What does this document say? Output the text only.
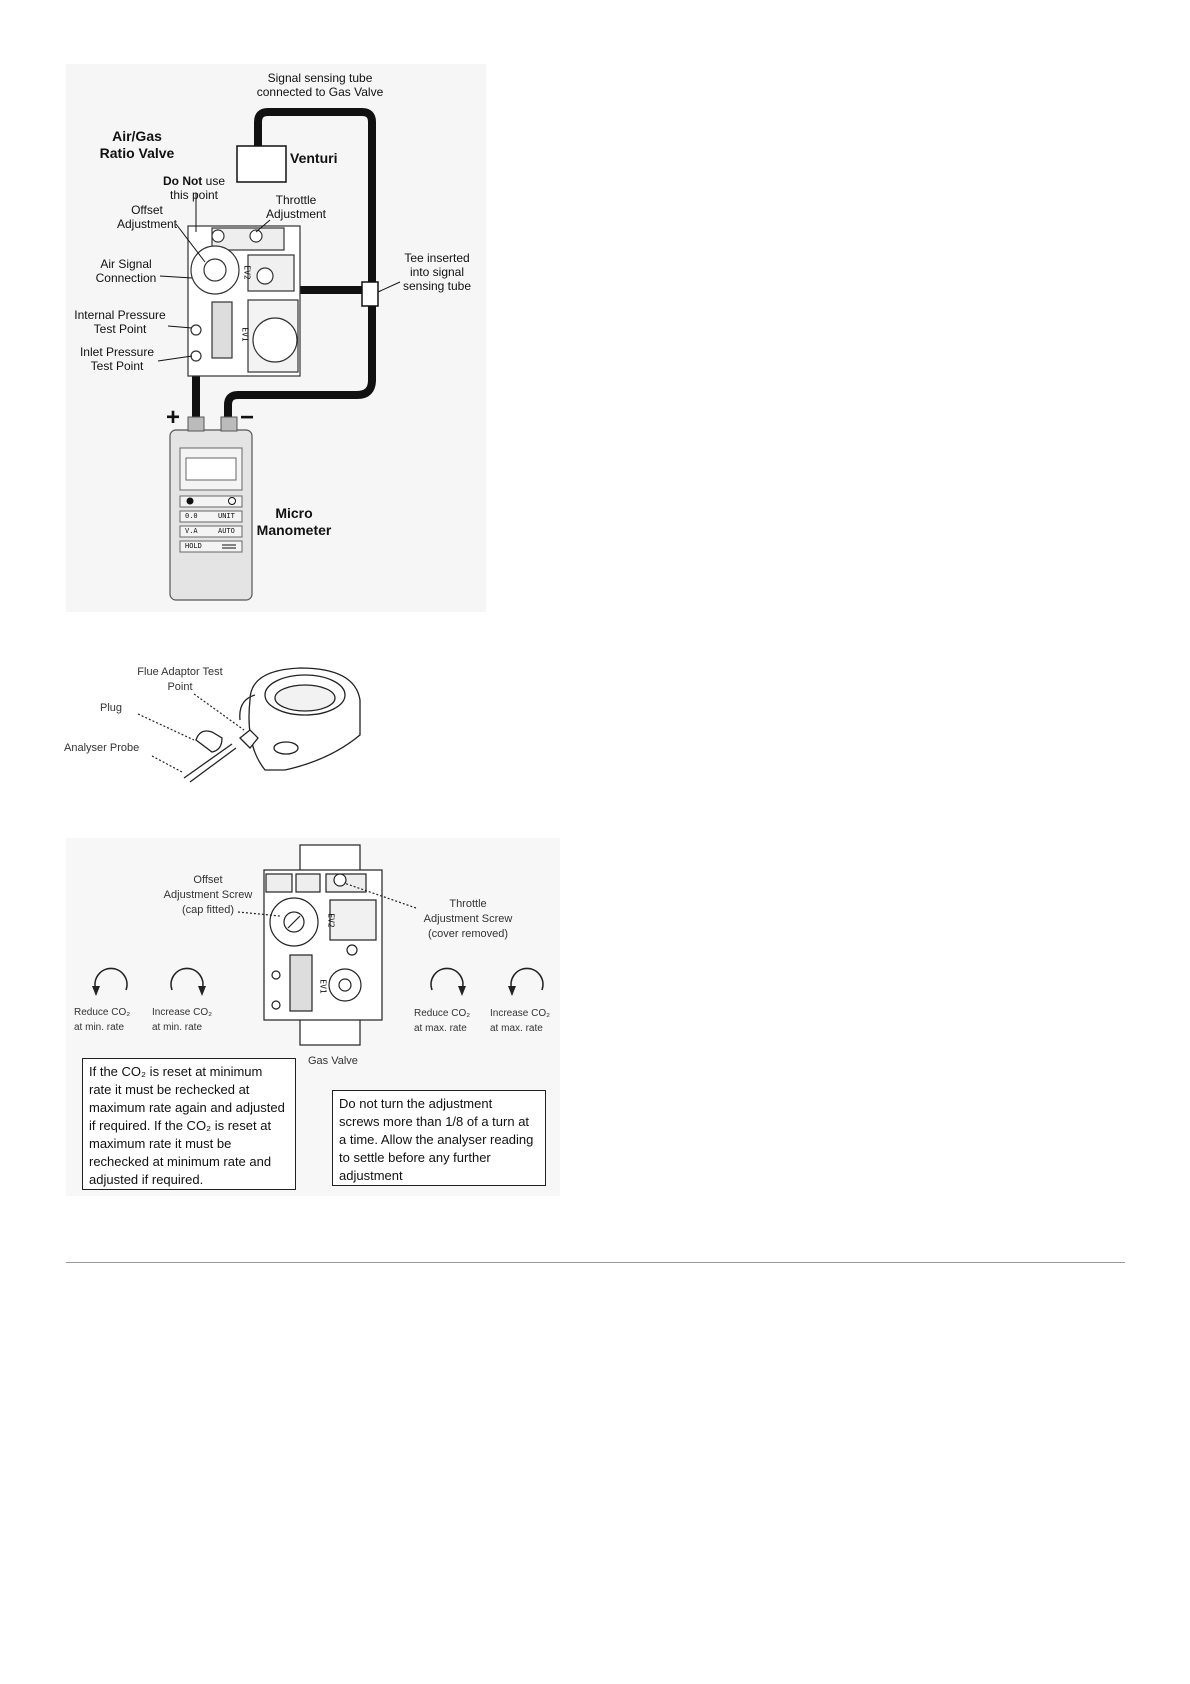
Signal sensing tube
connected to Gas Valve
Air/Gas
Ratio Valve	Venturi
Do Not use
this point
Offset
Adjustment
Throttle
Adjustment
Air Signal
Connection
Tee inserted
into signal
sensing tube
Internal Pressure
Test Point
Inlet Pressure
Test Point
+ −
Micro
Manometer
0.0	UNIT
V.A	AUTO
HOLD
EV2
EV1
Flue Adaptor Test
Point
Plug
Analyser Probe
Offset
Adjustment Screw
(cap fitted)	Throttle
Adjustment Screw
(cover removed)
Reduce CO₂
at min. rate
Increase CO₂
at min. rate
Reduce CO₂
at max. rate
Increase CO₂
at max. rate
Gas Valve
EV2
EV1
If the CO₂ is reset at minimum
rate it must be rechecked at
maximum rate again and adjusted
if required. If the CO₂ is reset at
maximum rate it must be
rechecked at minimum rate and
adjusted if required.
Do not turn the adjustment
screws more than 1/8 of a turn at
a time. Allow the analyser reading
to settle before any further
adjustment
